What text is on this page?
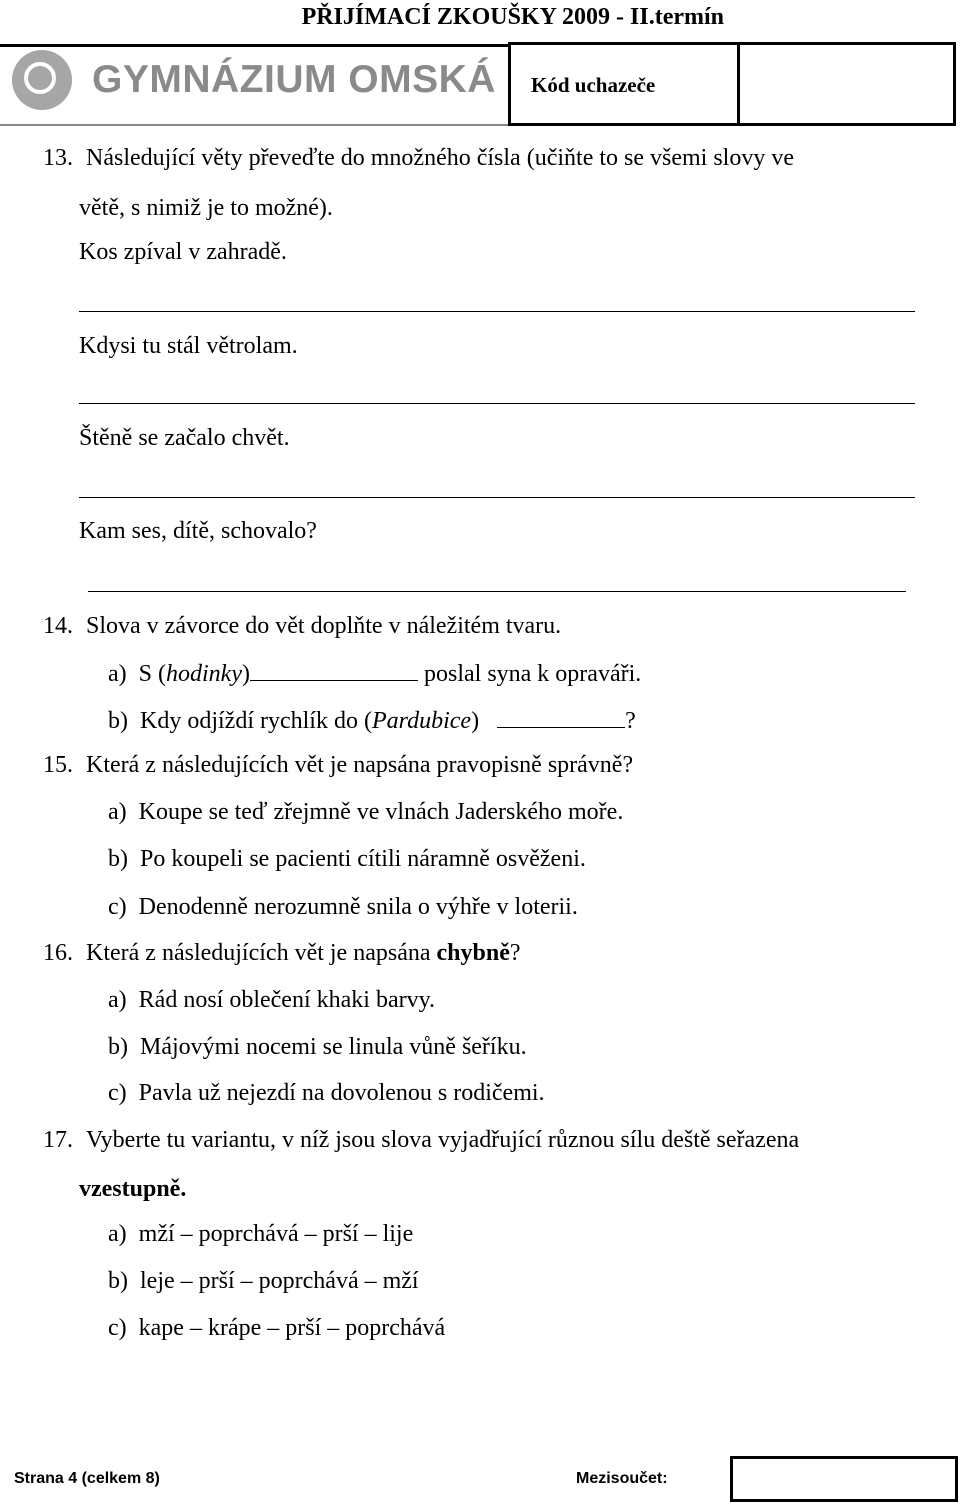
PŘIJÍMACÍ ZKOUŠKY 2009 - II.termín
GYMNÁZIUM OMSKÁ Kód uchazeče
13. Následující věty převeďte do množného čísla (učiňte to se všemi slovy ve
větě, s nimiž je to možné).
Kos zpíval v zahradě.
Kdysi tu stál větrolam.
Štěně se začalo chvět.
Kam ses, dítě, schovalo?
14. Slova v závorce do vět doplňte v náležitém tvaru.
a) S (hodinky)	poslal syna k opraváři.
b) Kdy odjíždí rychlík do (Pardubice)	?
15. Která z následujících vět je napsána pravopisně správně?
a) Koupe se teď zřejmně ve vlnách Jaderského moře.
b) Po koupeli se pacienti cítili náramně osvěženi.
c) Denodenně nerozumně snila o výhře v loterii.
16. Která z následujících vět je napsána chybně?
a) Rád nosí oblečení khaki barvy.
b) Májovými nocemi se linula vůně šeříku.
c) Pavla už nejezdí na dovolenou s rodičemi.
17. Vyberte tu variantu, v níž jsou slova vyjadřující různou sílu deště seřazena
vzestupně.
a) mží – poprchává – prší – lije
b) leje – prší – poprchává – mží
c) kape – krápe – prší – poprchává
Strana 4 (celkem 8)	Mezisoučet:
